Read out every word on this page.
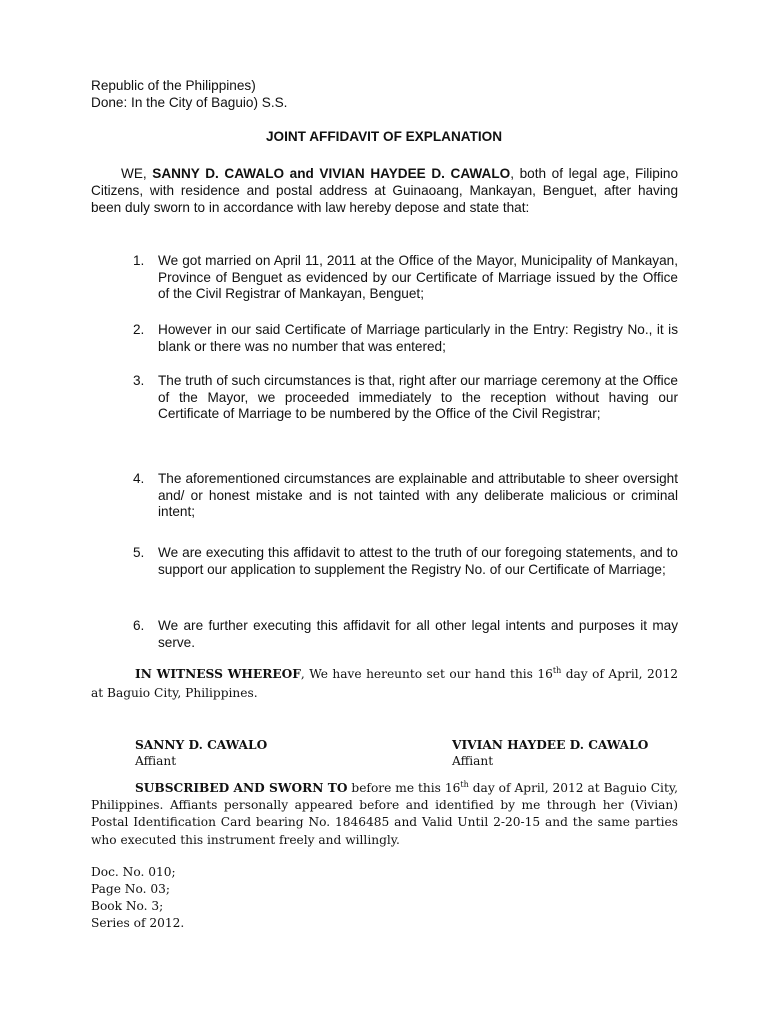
Republic of the Philippines)
Done: In the City of Baguio) S.S.
JOINT AFFIDAVIT OF EXPLANATION
WE, SANNY D. CAWALO and VIVIAN HAYDEE D. CAWALO, both of legal age, Filipino Citizens, with residence and postal address at Guinaoang, Mankayan, Benguet, after having been duly sworn to in accordance with law hereby depose and state that:
1. We got married on April 11, 2011 at the Office of the Mayor, Municipality of Mankayan, Province of Benguet as evidenced by our Certificate of Marriage issued by the Office of the Civil Registrar of Mankayan, Benguet;
2. However in our said Certificate of Marriage particularly in the Entry: Registry No., it is blank or there was no number that was entered;
3. The truth of such circumstances is that, right after our marriage ceremony at the Office of the Mayor, we proceeded immediately to the reception without having our Certificate of Marriage to be numbered by the Office of the Civil Registrar;
4. The aforementioned circumstances are explainable and attributable to sheer oversight and/ or honest mistake and is not tainted with any deliberate malicious or criminal intent;
5. We are executing this affidavit to attest to the truth of our foregoing statements, and to support our application to supplement the Registry No. of our Certificate of Marriage;
6. We are further executing this affidavit for all other legal intents and purposes it may serve.
IN WITNESS WHEREOF, We have hereunto set our hand this 16th day of April, 2012 at Baguio City, Philippines.
SANNY D. CAWALO
Affiant
VIVIAN HAYDEE D. CAWALO
Affiant
SUBSCRIBED AND SWORN TO before me this 16th day of April, 2012 at Baguio City, Philippines. Affiants personally appeared before and identified by me through her (Vivian) Postal Identification Card bearing No. 1846485 and Valid Until 2-20-15 and the same parties who executed this instrument freely and willingly.
Doc. No. 010;
Page No. 03;
Book No. 3;
Series of 2012.
